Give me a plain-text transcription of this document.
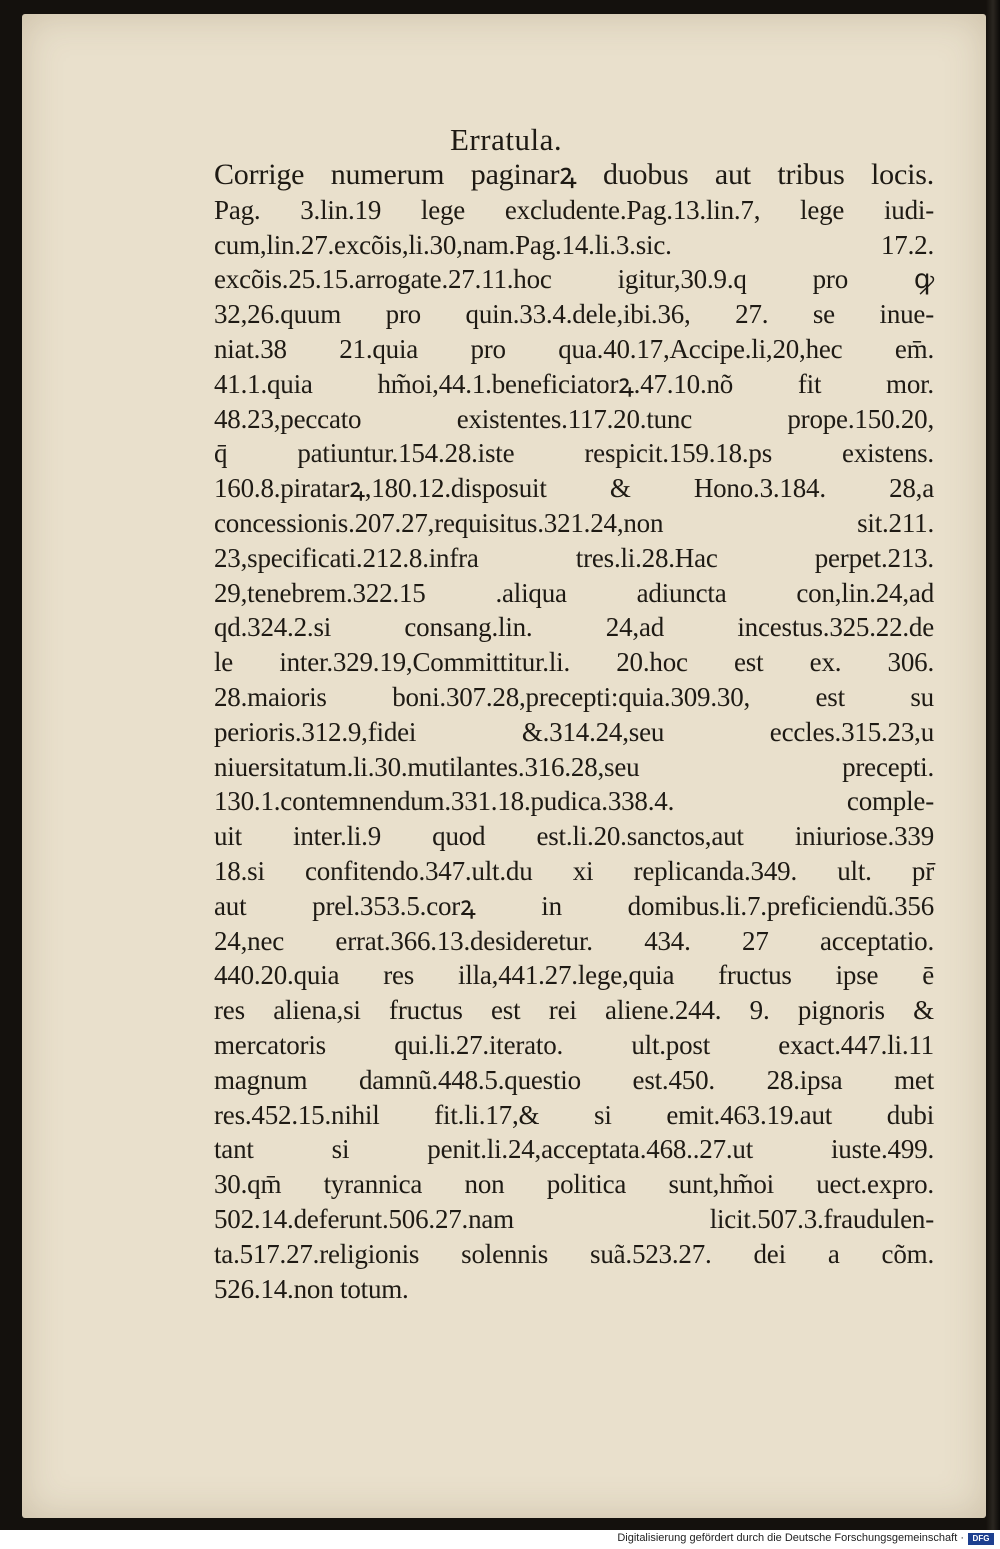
Erratula.
Corrige numerum paginarꝝ duobus aut tribus locis.
Pag. 3.lin.19 lege excludente.Pag.13.lin.7, lege iudi-
cum,lin.27.excõis,li.30,nam.Pag.14.li.3.sic. 17.2.
excõis.25.15.arrogate.27.11.hoc igitur,30.9.q pro ꝙ
32,26.quum pro quin.33.4.dele,ibi.36, 27. se inue-
niat.38 21.quia pro qua.40.17,Accipe.li,20,hec em̄.
41.1.quia hm̃oi,44.1.beneficiatorꝝ.47.10.nõ fit mor.
48.23,peccato existentes.117.20.tunc prope.150.20,
q̄ patiuntur.154.28.iste respicit.159.18.ps existens.
160.8.piratarꝝ,180.12.disposuit & Hono.3.184. 28,a
concessionis.207.27,requisitus.321.24,non sit.211.
23,specificati.212.8.infra tres.li.28.Hac perpet.213.
29,tenebrem.322.15 .aliqua adiuncta con,lin.24,ad
qd.324.2.si consang.lin. 24,ad incestus.325.22.de
le inter.329.19,Committitur.li. 20.hoc est ex. 306.
28.maioris boni.307.28,precepti:quia.309.30, est su
perioris.312.9,fidei &.314.24,seu eccles.315.23,u
niuersitatum.li.30.mutilantes.316.28,seu precepti.
130.1.contemnendum.331.18.pudica.338.4. comple-
uit inter.li.9 quod est.li.20.sanctos,aut iniuriose.339
18.si confitendo.347.ult.du xi replicanda.349. ult. pr̄
aut prel.353.5.corꝝ in domibus.li.7.preficiendũ.356
24,nec errat.366.13.desideretur. 434. 27 acceptatio.
440.20.quia res illa,441.27.lege,quia fructus ipse ē
res aliena,si fructus est rei aliene.244. 9. pignoris &
mercatoris qui.li.27.iterato. ult.post exact.447.li.11
magnum damnũ.448.5.questio est.450. 28.ipsa met
res.452.15.nihil fit.li.17,& si emit.463.19.aut dubi
tant si penit.li.24,acceptata.468..27.ut iuste.499.
30.qm̄ tyrannica non politica sunt,hm̃oi uect.expro.
502.14.deferunt.506.27.nam licit.507.3.fraudulen-
ta.517.27.religionis solennis suã.523.27. dei a cõm.
526.14.non totum.
Digitalisierung gefördert durch die Deutsche Forschungsgemeinschaft ·	DFG
